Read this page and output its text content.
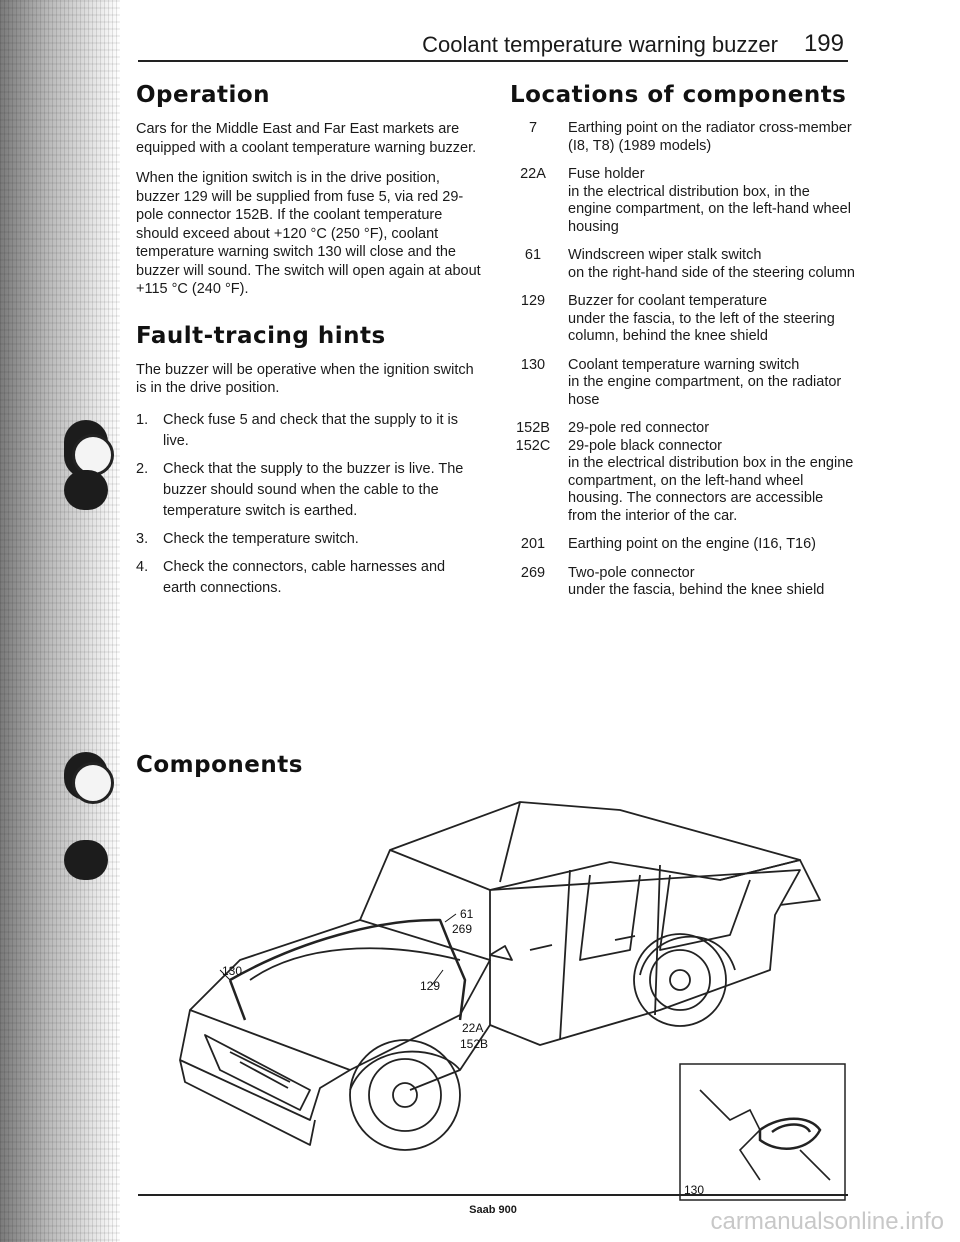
Coolant temperature warning buzzer 199
Operation

Cars for the Middle East and Far East markets are equipped with a coolant temperature warning buzzer.

When the ignition switch is in the drive position, buzzer 129 will be supplied from fuse 5, via red 29-pole connector 152B. If the coolant temperature should exceed about +120 °C (250 °F), coolant temperature warning switch 130 will close and the buzzer will sound. The switch will open again at about +115 °C (240 °F).

Fault-tracing hints

The buzzer will be operative when the ignition switch is in the drive position.

1.	Check fuse 5 and check that the supply to it is live.
2.	Check that the supply to the buzzer is live. The buzzer should sound when the cable to the temperature switch is earthed.
3.	Check the temperature switch.
4.	Check the connectors, cable harnesses and earth connections.
Locations of components
7	Earthing point on the radiator cross-member (I8, T8) (1989 models)
22A	Fuse holder
in the electrical distribution box, in the engine compartment, on the left-hand wheel housing
61	Windscreen wiper stalk switch
on the right-hand side of the steering column
129	Buzzer for coolant temperature
under the fascia, to the left of the steering column, behind the knee shield
130	Coolant temperature warning switch
in the engine compartment, on the radiator hose
152B	29-pole red connector
152C	29-pole black connector
in the electrical distribution box in the engine compartment, on the left-hand wheel housing. The connectors are accessible from the interior of the car.
201	Earthing point on the engine (I16, T16)
269	Two-pole connector
under the fascia, behind the knee shield
Components
61
269
129
130
22A
152B
130
Saab 900	carmanualsonline.info
